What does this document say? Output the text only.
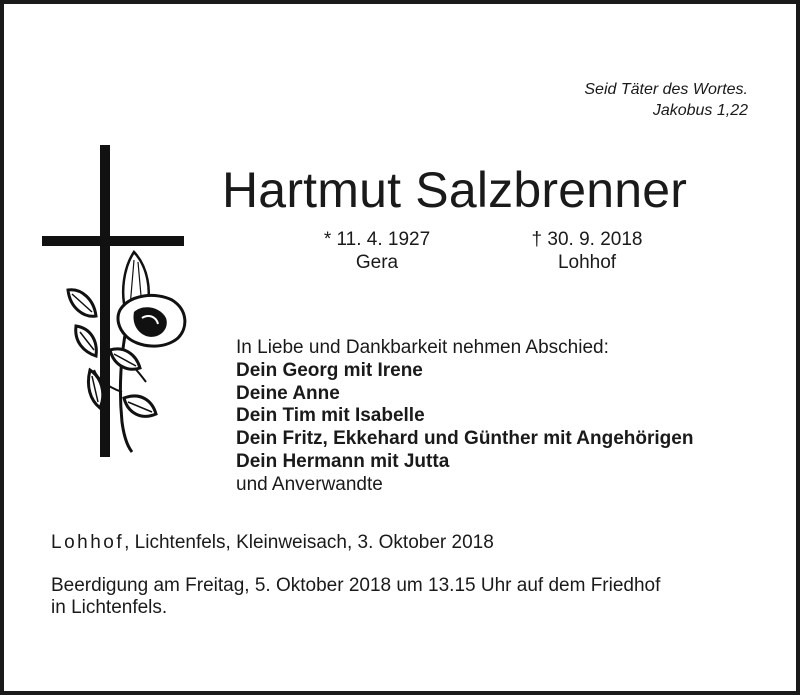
Seid Täter des Wortes.
Jakobus 1,22
Hartmut Salzbrenner
* 11. 4. 1927
Gera
† 30. 9. 2018
Lohhof
In Liebe und Dankbarkeit nehmen Abschied:
Dein Georg mit Irene
Deine Anne
Dein Tim mit Isabelle
Dein Fritz, Ekkehard und Günther mit Angehörigen
Dein Hermann mit Jutta
und Anverwandte
Lohhof, Lichtenfels, Kleinweisach, 3. Oktober 2018
Beerdigung am Freitag, 5. Oktober 2018 um 13.15 Uhr auf dem Friedhof
in Lichtenfels.
